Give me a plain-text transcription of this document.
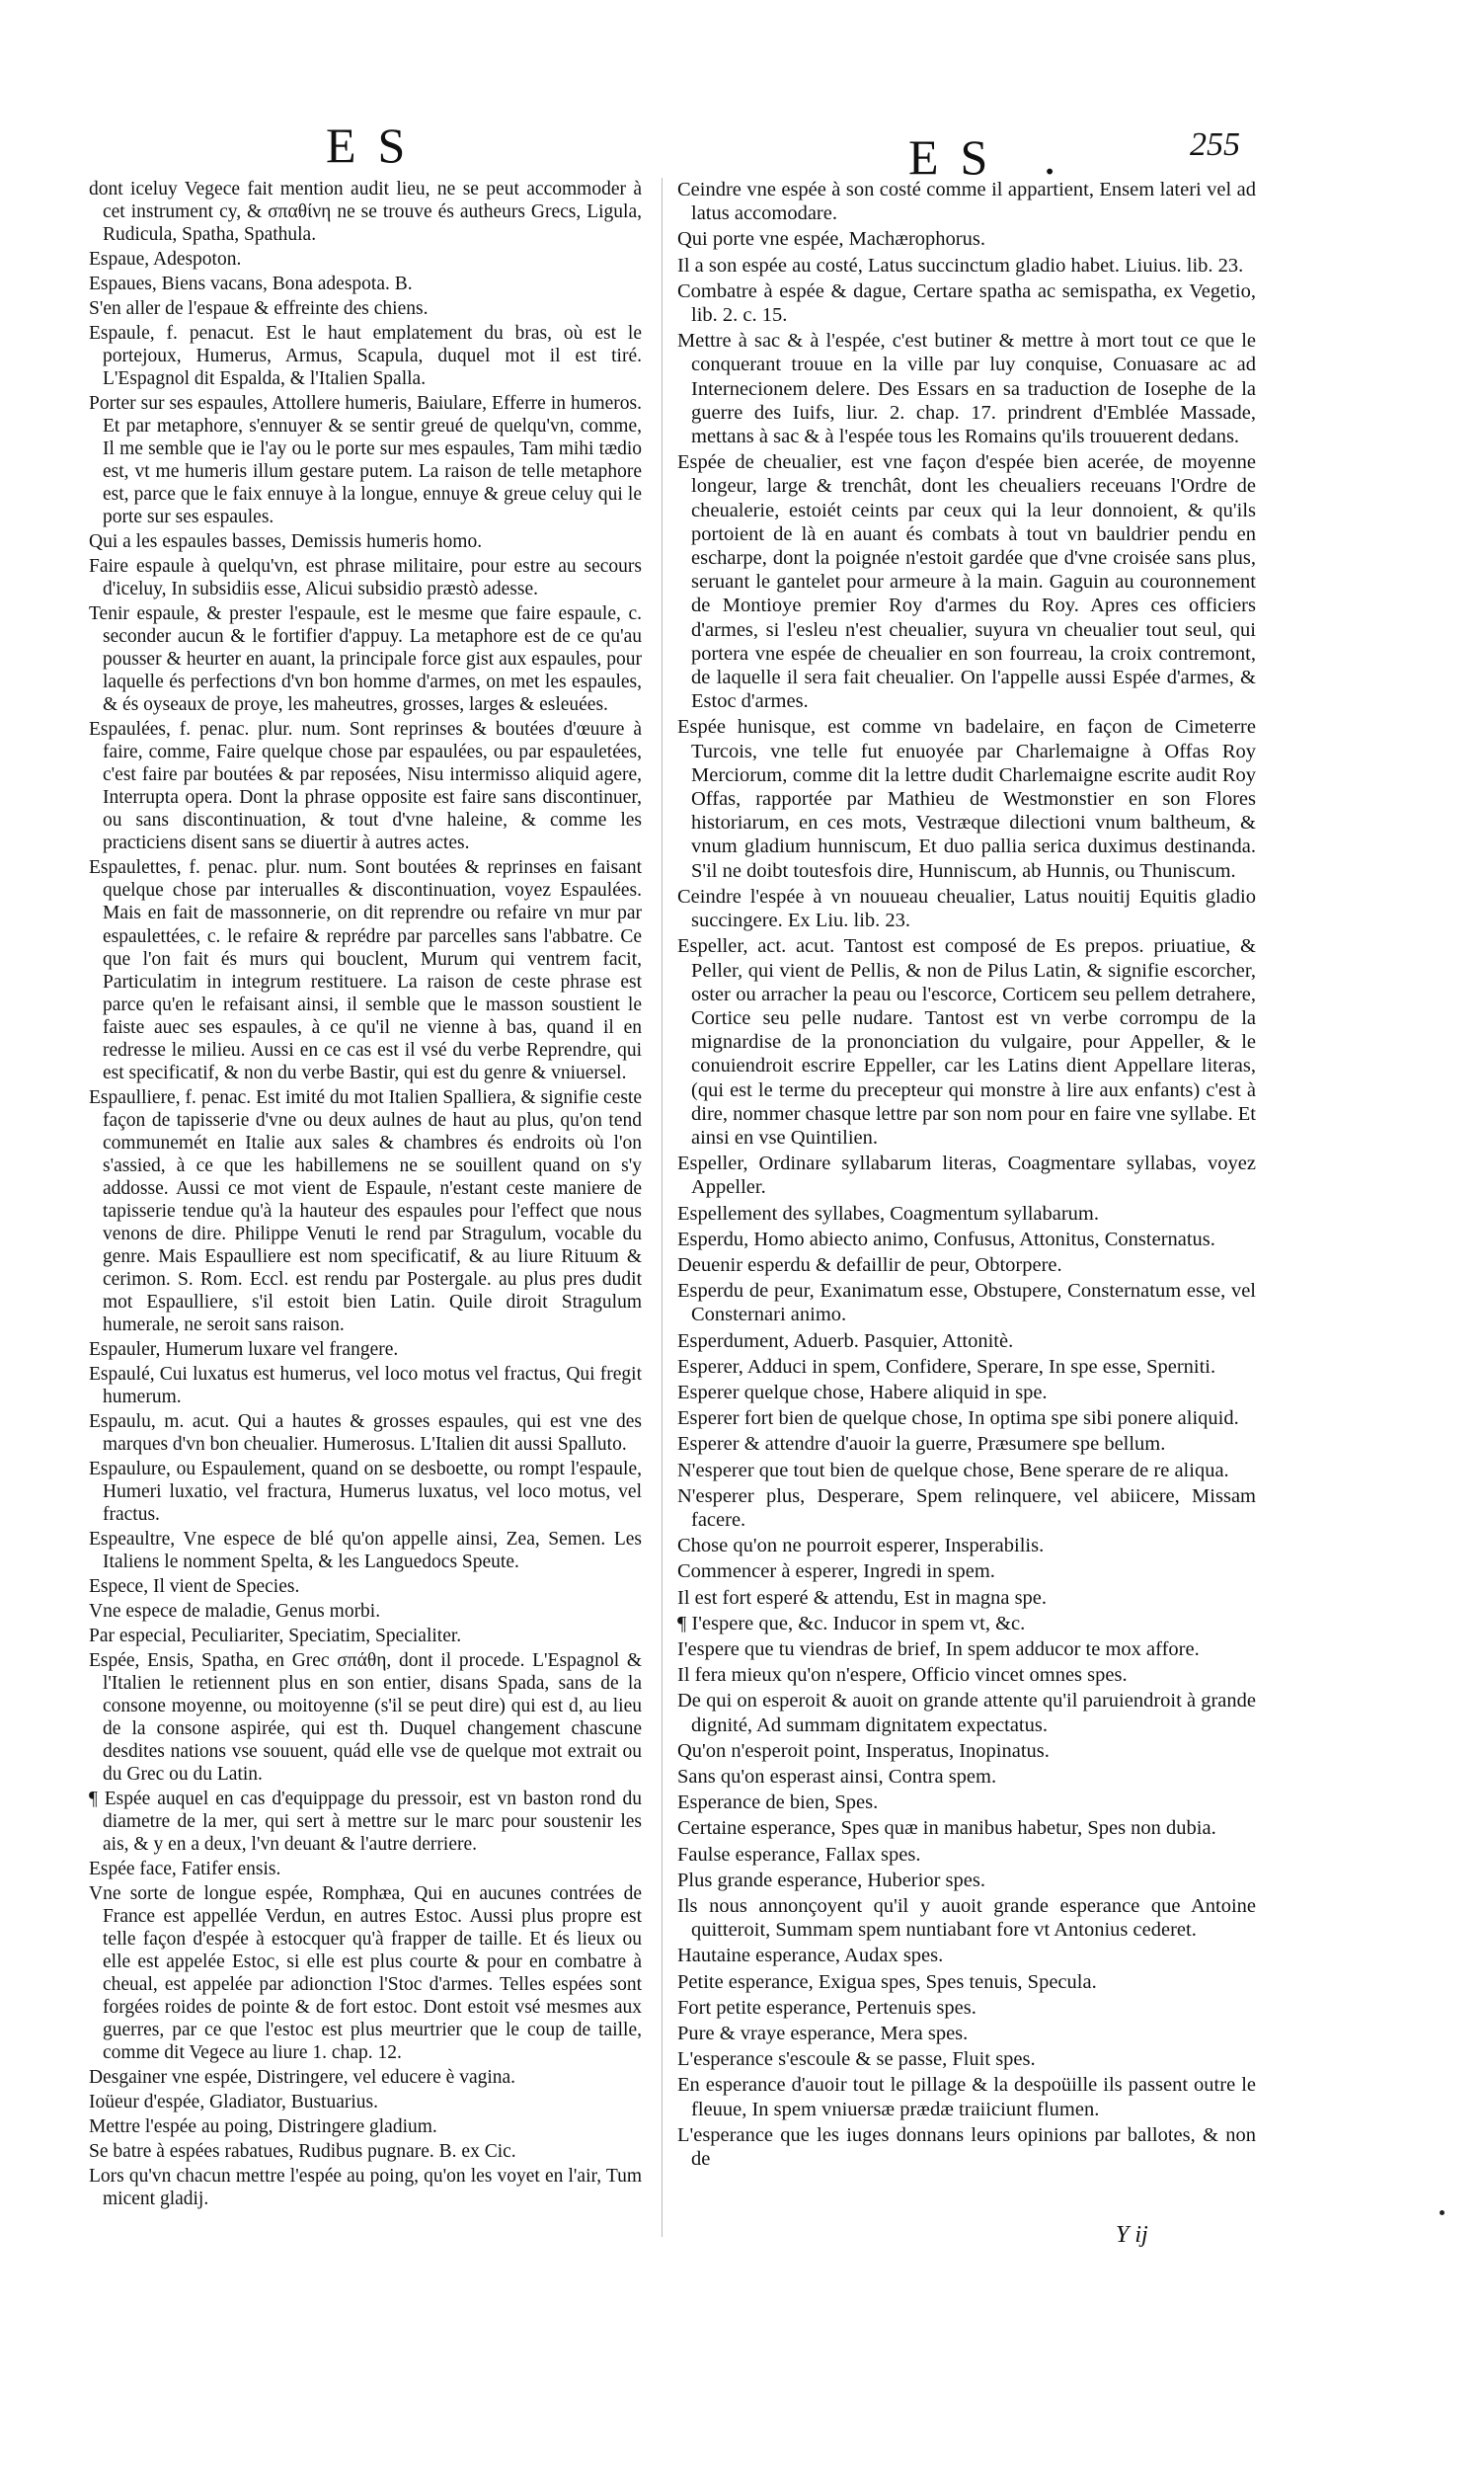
ES	ES .	255

dont iceluy Vegece fait mention audit lieu, ne se peut accommoder à cet instrument cy, & σπαθίνη ne se trouve és autheurs Grecs, Ligula, Rudicula, Spatha, Spathula.

Espaue, Adespoton.

Espaues, Biens vacans, Bona adespota. B.

S'en aller de l'espaue & effreinte des chiens.

Espaule, f. penacut. Est le haut emplatement du bras, où est le portejoux, Humerus, Armus, Scapula, duquel mot il est tiré. L'Espagnol dit Espalda, & l'Italien Spalla.

Porter sur ses espaules, Attollere humeris, Baiulare, Efferre in humeros. Et par metaphore, s'ennuyer & se sentir greué de quelqu'vn, comme, Il me semble que ie l'ay ou le porte sur mes espaules, Tam mihi tædio est, vt me humeris illum gestare putem. La raison de telle metaphore est, parce que le faix ennuye à la longue, ennuye & greue celuy qui le porte sur ses espaules.

Qui a les espaules basses, Demissis humeris homo.

Faire espaule à quelqu'vn, est phrase militaire, pour estre au secours d'iceluy, In subsidiis esse, Alicui subsidio præstò adesse.

Tenir espaule, & prester l'espaule, est le mesme que faire espaule, c. seconder aucun & le fortifier d'appuy. La metaphore est de ce qu'au pousser & heurter en auant, la principale force gist aux espaules, pour laquelle és perfections d'vn bon homme d'armes, on met les espaules, & és oyseaux de proye, les maheutres, grosses, larges & esleuées.

Espaulées, f. penac. plur. num. Sont reprinses & boutées d'œuure à faire, comme, Faire quelque chose par espaulées, ou par espauletées, c'est faire par boutées & par reposées, Nisu intermisso aliquid agere, Interrupta opera. Dont la phrase opposite est faire sans discontinuer, ou sans discontinuation, & tout d'vne haleine, & comme les practiciens disent sans se diuertir à autres actes.

Espaulettes, f. penac. plur. num. Sont boutées & reprinses en faisant quelque chose par interualles & discontinuation, voyez Espaulées. Mais en fait de massonnerie, on dit reprendre ou refaire vn mur par espaulettées, c. le refaire & reprédre par parcelles sans l'abbatre. Ce que l'on fait és murs qui bouclent, Murum qui ventrem facit, Particulatim in integrum restituere. La raison de ceste phrase est parce qu'en le refaisant ainsi, il semble que le masson soustient le faiste auec ses espaules, à ce qu'il ne vienne à bas, quand il en redresse le milieu. Aussi en ce cas est il vsé du verbe Reprendre, qui est specificatif, & non du verbe Bastir, qui est du genre & vniuersel.

Espaulliere, f. penac. Est imité du mot Italien Spalliera, & signifie ceste façon de tapisserie d'vne ou deux aulnes de haut au plus, qu'on tend communemét en Italie aux sales & chambres és endroits où l'on s'assied, à ce que les habillemens ne se souillent quand on s'y addosse. Aussi ce mot vient de Espaule, n'estant ceste maniere de tapisserie tendue qu'à la hauteur des espaules pour l'effect que nous venons de dire. Philippe Venuti le rend par Stragulum, vocable du genre. Mais Espaulliere est nom specificatif, & au liure Rituum & cerimon. S. Rom. Eccl. est rendu par Postergale. au plus pres dudit mot Espaulliere, s'il estoit bien Latin. Quile diroit Stragulum humerale, ne seroit sans raison.

Espauler, Humerum luxare vel frangere.

Espaulé, Cui luxatus est humerus, vel loco motus vel fractus, Qui fregit humerum.

Espaulu, m. acut. Qui a hautes & grosses espaules, qui est vne des marques d'vn bon cheualier. Humerosus. L'Italien dit aussi Spalluto.

Espaulure, ou Espaulement, quand on se desboette, ou rompt l'espaule, Humeri luxatio, vel fractura, Humerus luxatus, vel loco motus, vel fractus.

Espeaultre, Vne espece de blé qu'on appelle ainsi, Zea, Semen. Les Italiens le nomment Spelta, & les Languedocs Speute.

Espece, Il vient de Species.

Vne espece de maladie, Genus morbi.

Par especial, Peculiariter, Speciatim, Specialiter.

Espée, Ensis, Spatha, en Grec σπάθη, dont il procede. L'Espagnol & l'Italien le retiennent plus en son entier, disans Spada, sans de la consone moyenne, ou moitoyenne (s'il se peut dire) qui est d, au lieu de la consone aspirée, qui est th. Duquel changement chascune desdites nations vse souuent, quád elle vse de quelque mot extrait ou du Grec ou du Latin.

¶ Espée auquel en cas d'equippage du pressoir, est vn baston rond du diametre de la mer, qui sert à mettre sur le marc pour soustenir les ais, & y en a deux, l'vn deuant & l'autre derriere.

Espée face, Fatifer ensis.

Vne sorte de longue espée, Romphæa, Qui en aucunes contrées de France est appellée Verdun, en autres Estoc. Aussi plus propre est telle façon d'espée à estocquer qu'à frapper de taille. Et és lieux ou elle est appelée Estoc, si elle est plus courte & pour en combatre à cheual, est appelée par adionction l'Stoc d'armes. Telles espées sont forgées roides de pointe & de fort estoc. Dont estoit vsé mesmes aux guerres, par ce que l'estoc est plus meurtrier que le coup de taille, comme dit Vegece au liure 1. chap. 12.

Desgainer vne espée, Distringere, vel educere è vagina.

Ioüeur d'espée, Gladiator, Bustuarius.

Mettre l'espée au poing, Distringere gladium.

Se batre à espées rabatues, Rudibus pugnare. B. ex Cic.

Lors qu'vn chacun mettre l'espée au poing, qu'on les voyet en l'air, Tum micent gladij.

Ceindre vne espée à son costé comme il appartient, Ensem lateri vel ad latus accomodare.

Qui porte vne espée, Machærophorus.

Il a son espée au costé, Latus succinctum gladio habet. Liuius. lib. 23.

Combatre à espée & dague, Certare spatha ac semispatha, ex Vegetio, lib. 2. c. 15.

Mettre à sac & à l'espée, c'est butiner & mettre à mort tout ce que le conquerant trouue en la ville par luy conquise, Conuasare ac ad Internecionem delere. Des Essars en sa traduction de Iosephe de la guerre des Iuifs, liur. 2. chap. 17. prindrent d'Emblée Massade, mettans à sac & à l'espée tous les Romains qu'ils trouuerent dedans.

Espée de cheualier, est vne façon d'espée bien acerée, de moyenne longeur, large & trenchât, dont les cheualiers receuans l'Ordre de cheualerie, estoiét ceints par ceux qui la leur donnoient, & qu'ils portoient de là en auant és combats à tout vn bauldrier pendu en escharpe, dont la poignée n'estoit gardée que d'vne croisée sans plus, seruant le gantelet pour armeure à la main. Gaguin au couronnement de Montioye premier Roy d'armes du Roy. Apres ces officiers d'armes, si l'esleu n'est cheualier, suyura vn cheualier tout seul, qui portera vne espée de cheualier en son fourreau, la croix contremont, de laquelle il sera fait cheualier. On l'appelle aussi Espée d'armes, & Estoc d'armes.

Espée hunisque, est comme vn badelaire, en façon de Cimeterre Turcois, vne telle fut enuoyée par Charlemaigne à Offas Roy Merciorum, comme dit la lettre dudit Charlemaigne escrite audit Roy Offas, rapportée par Mathieu de Westmonstier en son Flores historiarum, en ces mots, Vestræque dilectioni vnum baltheum, & vnum gladium hunniscum, Et duo pallia serica duximus destinanda. S'il ne doibt toutesfois dire, Hunniscum, ab Hunnis, ou Thuniscum.

Ceindre l'espée à vn nouueau cheualier, Latus nouitij Equitis gladio succingere. Ex Liu. lib. 23.

Espeller, act. acut. Tantost est composé de Es prepos. priuatiue, & Peller, qui vient de Pellis, & non de Pilus Latin, & signifie escorcher, oster ou arracher la peau ou l'escorce, Corticem seu pellem detrahere, Cortice seu pelle nudare. Tantost est vn verbe corrompu de la mignardise de la prononciation du vulgaire, pour Appeller, & le conuiendroit escrire Eppeller, car les Latins dient Appellare literas, (qui est le terme du precepteur qui monstre à lire aux enfants) c'est à dire, nommer chasque lettre par son nom pour en faire vne syllabe. Et ainsi en vse Quintilien.

Espeller, Ordinare syllabarum literas, Coagmentare syllabas, voyez Appeller.

Espellement des syllabes, Coagmentum syllabarum.

Esperdu, Homo abiecto animo, Confusus, Attonitus, Consternatus.

Deuenir esperdu & defaillir de peur, Obtorpere.

Esperdu de peur, Exanimatum esse, Obstupere, Consternatum esse, vel Consternari animo.

Esperdument, Aduerb. Pasquier, Attonitè.

Esperer, Adduci in spem, Confidere, Sperare, In spe esse, Sperniti.

Esperer quelque chose, Habere aliquid in spe.

Esperer fort bien de quelque chose, In optima spe sibi ponere aliquid.

Esperer & attendre d'auoir la guerre, Præsumere spe bellum.

N'esperer que tout bien de quelque chose, Bene sperare de re aliqua.

N'esperer plus, Desperare, Spem relinquere, vel abiicere, Missam facere.

Chose qu'on ne pourroit esperer, Insperabilis.

Commencer à esperer, Ingredi in spem.

Il est fort esperé & attendu, Est in magna spe.

¶ I'espere que, &c. Inducor in spem vt, &c.

I'espere que tu viendras de brief, In spem adducor te mox affore.

Il fera mieux qu'on n'espere, Officio vincet omnes spes.

De qui on esperoit & auoit on grande attente qu'il paruiendroit à grande dignité, Ad summam dignitatem expectatus.

Qu'on n'esperoit point, Insperatus, Inopinatus.

Sans qu'on esperast ainsi, Contra spem.

Esperance de bien, Spes.

Certaine esperance, Spes quæ in manibus habetur, Spes non dubia.

Faulse esperance, Fallax spes.

Plus grande esperance, Huberior spes.

Ils nous annonçoyent qu'il y auoit grande esperance que Antoine quitteroit, Summam spem nuntiabant fore vt Antonius cederet.

Hautaine esperance, Audax spes.

Petite esperance, Exigua spes, Spes tenuis, Specula.

Fort petite esperance, Pertenuis spes.

Pure & vraye esperance, Mera spes.

L'esperance s'escoule & se passe, Fluit spes.

En esperance d'auoir tout le pillage & la despoüille ils passent outre le fleuue, In spem vniuersæ prædæ traiiciunt flumen.

L'esperance que les iuges donnans leurs opinions par ballotes, & non de

Y ij
